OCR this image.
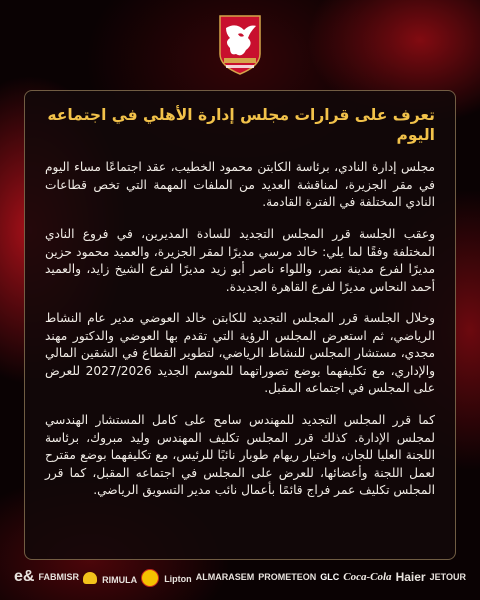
تعرف على قرارات مجلس إدارة الأهلي في اجتماعه اليوم

مجلس إدارة النادي، برئاسة الكابتن محمود الخطيب، عقد اجتماعًا مساء اليوم في مقر الجزيرة، لمناقشة العديد من الملفات المهمة التي تخص قطاعات النادي المختلفة في الفترة القادمة.

وعقب الجلسة قرر المجلس التجديد للسادة المديرين، في فروع النادي المختلفة وفقًا لما يلي: خالد مرسي مديرًا لمقر الجزيرة، والعميد محمود حزين مديرًا لفرع مدينة نصر، واللواء ناصر أبو زيد مديرًا لفرع الشيخ زايد، والعميد أحمد النحاس مديرًا لفرع القاهرة الجديدة.

وخلال الجلسة قرر المجلس التجديد للكابتن خالد العوضي مدير عام النشاط الرياضي، ثم استعرض المجلس الرؤية التي تقدم بها العوضي والدكتور مهند مجدي، مستشار المجلس للنشاط الرياضي، لتطوير القطاع في الشقين المالي والإداري، مع تكليفهما بوضع تصوراتهما للموسم الجديد 2027/2026 للعرض على المجلس في اجتماعه المقبل.

كما قرر المجلس التجديد للمهندس سامح على كامل المستشار الهندسي لمجلس الإدارة. كذلك قرر المجلس تكليف المهندس وليد مبروك، برئاسة اللجنة العليا للجان، واختيار ريهام طوبار نائبًا للرئيس، مع تكليفهما بوضع مقترح لعمل اللجنة وأعضائها، للعرض على المجلس في اجتماعه المقبل، كما قرر المجلس تكليف عمر فراج قائمًا بأعمال نائب مدير التسويق الرياضي.

e& FABMISR	RIMULA	Lipton ALMARASEM PROMETEON GLC Coca-Cola Haier JETOUR
